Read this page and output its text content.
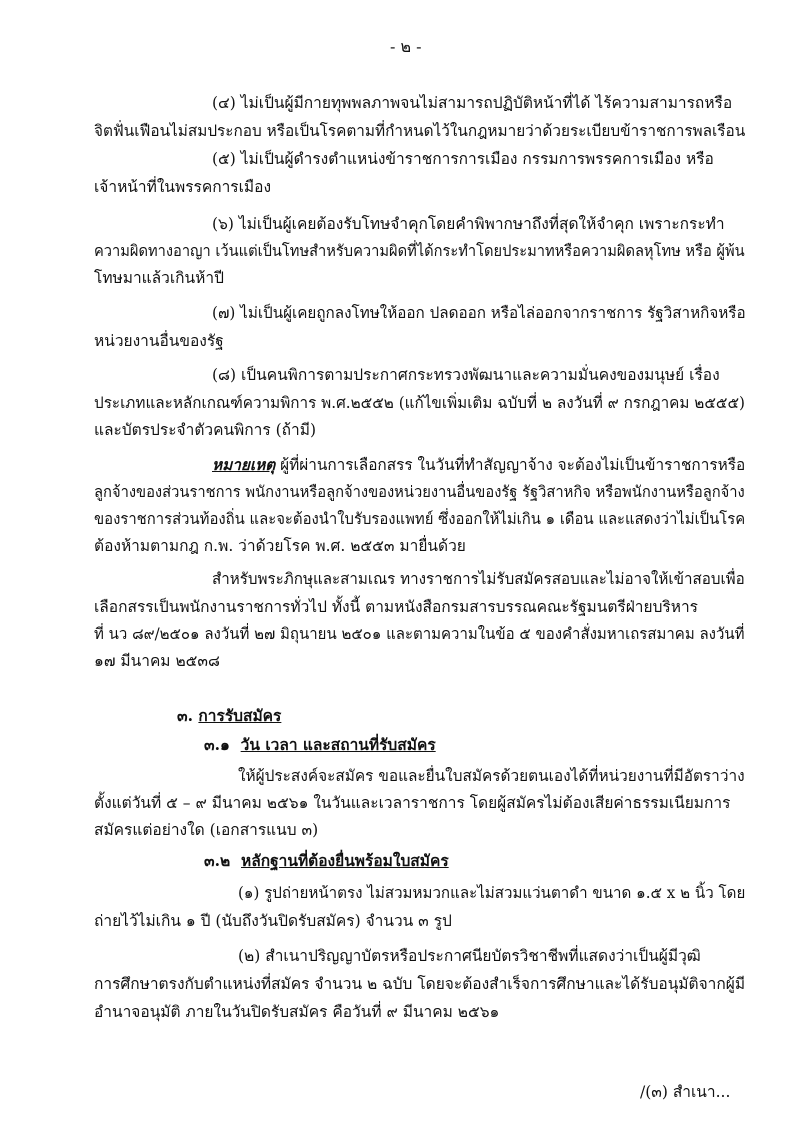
- ๒ -
(๔) ไม่เป็นผู้มีกายทุพพลภาพจนไม่สามารถปฏิบัติหน้าที่ได้ ไร้ความสามารถหรือ
จิตฟั่นเฟือนไม่สมประกอบ หรือเป็นโรคตามที่กำหนดไว้ในกฎหมายว่าด้วยระเบียบข้าราชการพลเรือน
(๕) ไม่เป็นผู้ดำรงตำแหน่งข้าราชการการเมือง กรรมการพรรคการเมือง หรือ
เจ้าหน้าที่ในพรรคการเมือง
(๖) ไม่เป็นผู้เคยต้องรับโทษจำคุกโดยคำพิพากษาถึงที่สุดให้จำคุก เพราะกระทำ
ความผิดทางอาญา เว้นแต่เป็นโทษสำหรับความผิดที่ได้กระทำโดยประมาทหรือความผิดลหุโทษ หรือ ผู้พ้น
โทษมาแล้วเกินห้าปี
(๗) ไม่เป็นผู้เคยถูกลงโทษให้ออก ปลดออก หรือไล่ออกจากราชการ รัฐวิสาหกิจหรือ
หน่วยงานอื่นของรัฐ
(๘) เป็นคนพิการตามประกาศกระทรวงพัฒนาและความมั่นคงของมนุษย์ เรื่อง
ประเภทและหลักเกณฑ์ความพิการ พ.ศ.๒๕๕๒ (แก้ไขเพิ่มเติม ฉบับที่ ๒ ลงวันที่ ๙ กรกฎาคม ๒๕๕๕)
และบัตรประจำตัวคนพิการ (ถ้ามี)
หมายเหตุ ผู้ที่ผ่านการเลือกสรร ในวันที่ทำสัญญาจ้าง จะต้องไม่เป็นข้าราชการหรือ
ลูกจ้างของส่วนราชการ พนักงานหรือลูกจ้างของหน่วยงานอื่นของรัฐ รัฐวิสาหกิจ หรือพนักงานหรือลูกจ้าง
ของราชการส่วนท้องถิ่น และจะต้องนำใบรับรองแพทย์ ซึ่งออกให้ไม่เกิน ๑ เดือน และแสดงว่าไม่เป็นโรค
ต้องห้ามตามกฎ ก.พ. ว่าด้วยโรค พ.ศ. ๒๕๕๓ มายื่นด้วย
สำหรับพระภิกษุและสามเณร ทางราชการไม่รับสมัครสอบและไม่อาจให้เข้าสอบเพื่อ
เลือกสรรเป็นพนักงานราชการทั่วไป ทั้งนี้ ตามหนังสือกรมสารบรรณคณะรัฐมนตรีฝ่ายบริหาร
ที่ นว ๘๙/๒๕๐๑ ลงวันที่ ๒๗ มิถุนายน ๒๕๐๑ และตามความในข้อ ๕ ของคำสั่งมหาเถรสมาคม ลงวันที่
๑๗ มีนาคม ๒๕๓๘
๓. การรับสมัคร
๓.๑ วัน เวลา และสถานที่รับสมัคร
ให้ผู้ประสงค์จะสมัคร ขอและยื่นใบสมัครด้วยตนเองได้ที่หน่วยงานที่มีอัตราว่าง
ตั้งแต่วันที่ ๕ – ๙ มีนาคม ๒๕๖๑ ในวันและเวลาราชการ โดยผู้สมัครไม่ต้องเสียค่าธรรมเนียมการ
สมัครแต่อย่างใด (เอกสารแนบ ๓)
๓.๒ หลักฐานที่ต้องยื่นพร้อมใบสมัคร
(๑) รูปถ่ายหน้าตรง ไม่สวมหมวกและไม่สวมแว่นตาดำ ขนาด ๑.๕ x ๒ นิ้ว โดย
ถ่ายไว้ไม่เกิน ๑ ปี (นับถึงวันปิดรับสมัคร) จำนวน ๓ รูป
(๒) สำเนาปริญญาบัตรหรือประกาศนียบัตรวิชาชีพที่แสดงว่าเป็นผู้มีวุฒิ
การศึกษาตรงกับตำแหน่งที่สมัคร จำนวน ๒ ฉบับ โดยจะต้องสำเร็จการศึกษาและได้รับอนุมัติจากผู้มี
อำนาจอนุมัติ ภายในวันปิดรับสมัคร คือวันที่ ๙ มีนาคม ๒๕๖๑
/(๓) สำเนา...
